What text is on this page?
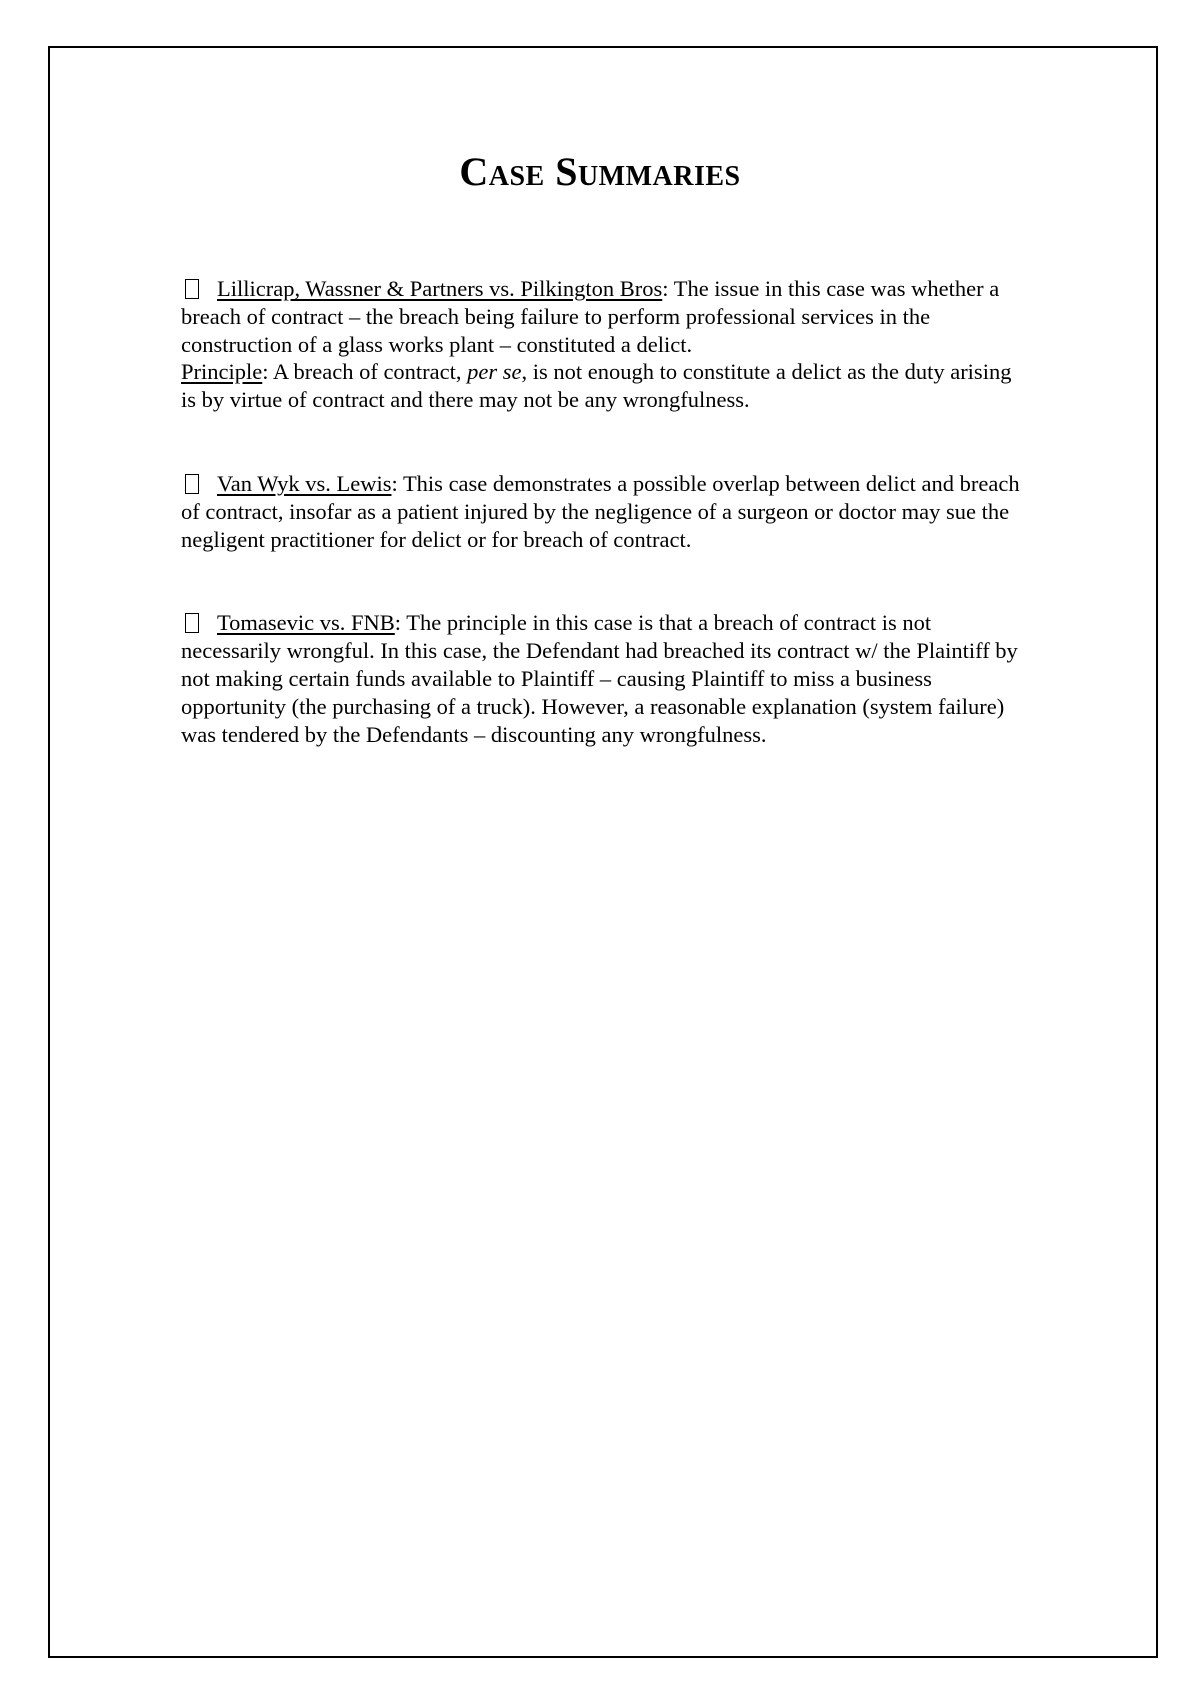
Case Summaries

Lillicrap, Wassner & Partners vs. Pilkington Bros: The issue in this case was whether a breach of contract – the breach being failure to perform professional services in the construction of a glass works plant – constituted a delict.
Principle: A breach of contract, per se, is not enough to constitute a delict as the duty arising is by virtue of contract and there may not be any wrongfulness.

Van Wyk vs. Lewis: This case demonstrates a possible overlap between delict and breach of contract, insofar as a patient injured by the negligence of a surgeon or doctor may sue the negligent practitioner for delict or for breach of contract.

Tomasevic vs. FNB: The principle in this case is that a breach of contract is not necessarily wrongful. In this case, the Defendant had breached its contract w/ the Plaintiff by not making certain funds available to Plaintiff – causing Plaintiff to miss a business opportunity (the purchasing of a truck). However, a reasonable explanation (system failure) was tendered by the Defendants – discounting any wrongfulness.
